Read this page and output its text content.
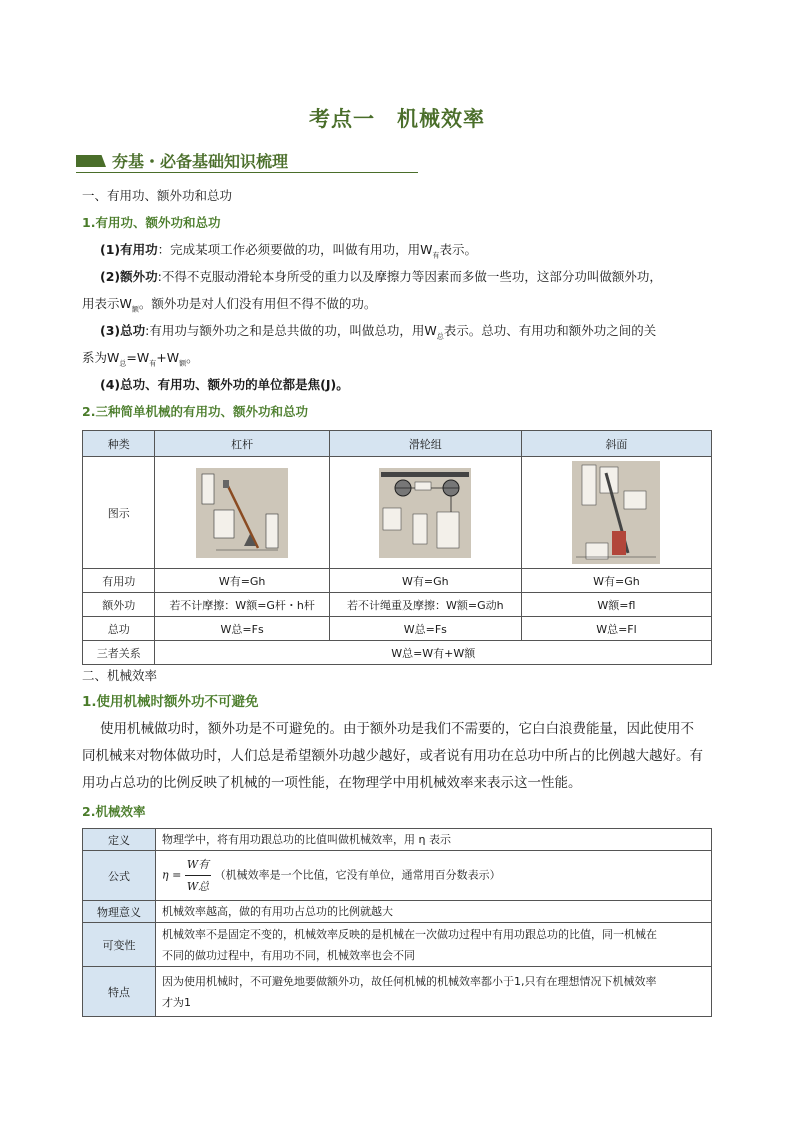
考点一 机械效率
夯基・必备基础知识梳理
一、有用功、额外功和总功
1.有用功、额外功和总功
(1)有用功：完成某项工作必须要做的功，叫做有用功，用$W_有$表示。
(2)额外功:不得不克服动滑轮本身所受的重力以及摩擦力等因素而多做一些功，这部分功叫做额外功，
用表示$W_额$。额外功是对人们没有用但不得不做的功。
(3)总功:有用功与额外功之和是总共做的功，叫做总功，用$W_总$表示。总功、有用功和额外功之间的关
系为$W_总=W_有+W_额$。
(4)总功、有用功、额外功的单位都是焦(J)。
2.三种简单机械的有用功、额外功和总功
种类	杠杆	滑轮组	斜面
图示			
有用功	W有=Gh	W有=Gh	W有=Gh
额外功	若不计摩擦：W额=G杆・h杆	若不计绳重及摩擦：W额=G动h	W额=fl
总功	W总=Fs	W总=Fs	W总=Fl
三者关系	W总=W有+W额		
二、机械效率
1.使用机械时额外功不可避免
使用机械做功时，额外功是不可避免的。由于额外功是我们不需要的，它白白浪费能量，因此使用不
同机械来对物体做功时，人们总是希望额外功越少越好，或者说有用功在总功中所占的比例越大越好。有
用功占总功的比例反映了机械的一项性能，在物理学中用机械效率来表示这一性能。
2.机械效率
定义	物理学中，将有用功跟总功的比值叫做机械效率，用 η 表示
公式	$\eta = \frac{\text{W有}}{\text{W总}}$ （机械效率是一个比值，它没有单位，通常用百分数表示）
物理意义	机械效率越高，做的有用功占总功的比例就越大
可变性	机械效率不是固定不变的，机械效率反映的是机械在一次做功过程中有用功跟总功的比值，同一机械在
不同的做功过程中，有用功不同，机械效率也会不同

特点	因为使用机械时，不可避免地要做额外功，故任何机械的机械效率都小于1,只有在理想情况下机械效率
才为1
